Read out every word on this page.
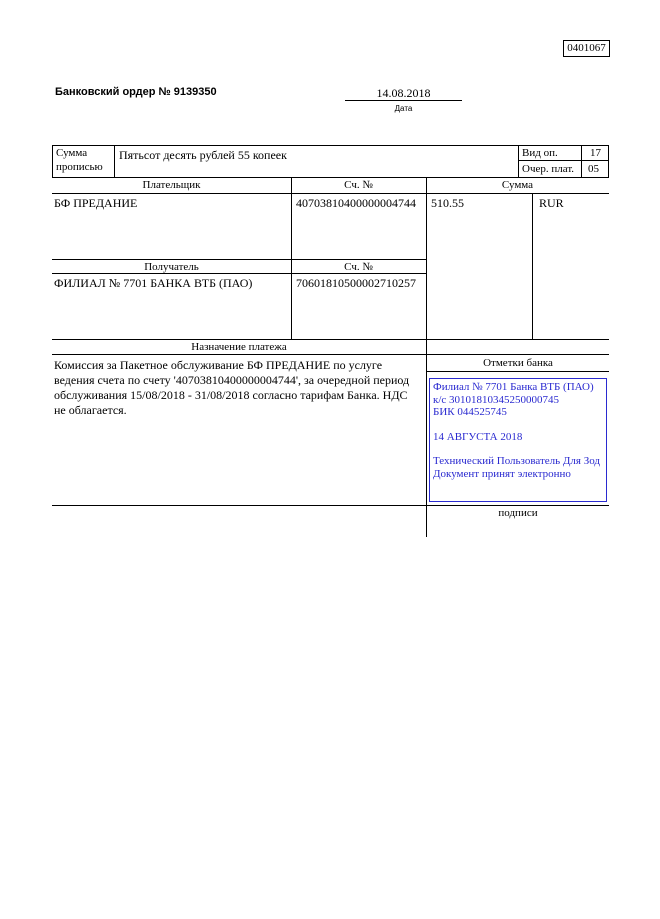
0401067
Банковский ордер № 9139350	14.08.2018
Дата
Сумма
прописью
Пятьсот десять рублей 55 копеек	Вид оп.	17
Очер. плат. 05
Плательщик	Сч. №	Сумма
БФ ПРЕДАНИЕ	40703810400000004744 510.55	RUR
Получатель	Сч. №
ФИЛИАЛ № 7701 БАНКА ВТБ (ПАО)	70601810500002710257
Назначение платежа
Комиссия за Пакетное обслуживание БФ ПРЕДАНИЕ по услуге ведения счета по счету '40703810400000004744', за очередной период обслуживания 15/08/2018 - 31/08/2018 согласно тарифам Банка. НДС не облагается.
Отметки банка
Филиал № 7701 Банка ВТБ (ПАО)
к/с 30101810345250000745
БИК 044525745
14 АВГУСТА 2018
Технический Пользователь Для Зод
Документ принят электронно
подписи
